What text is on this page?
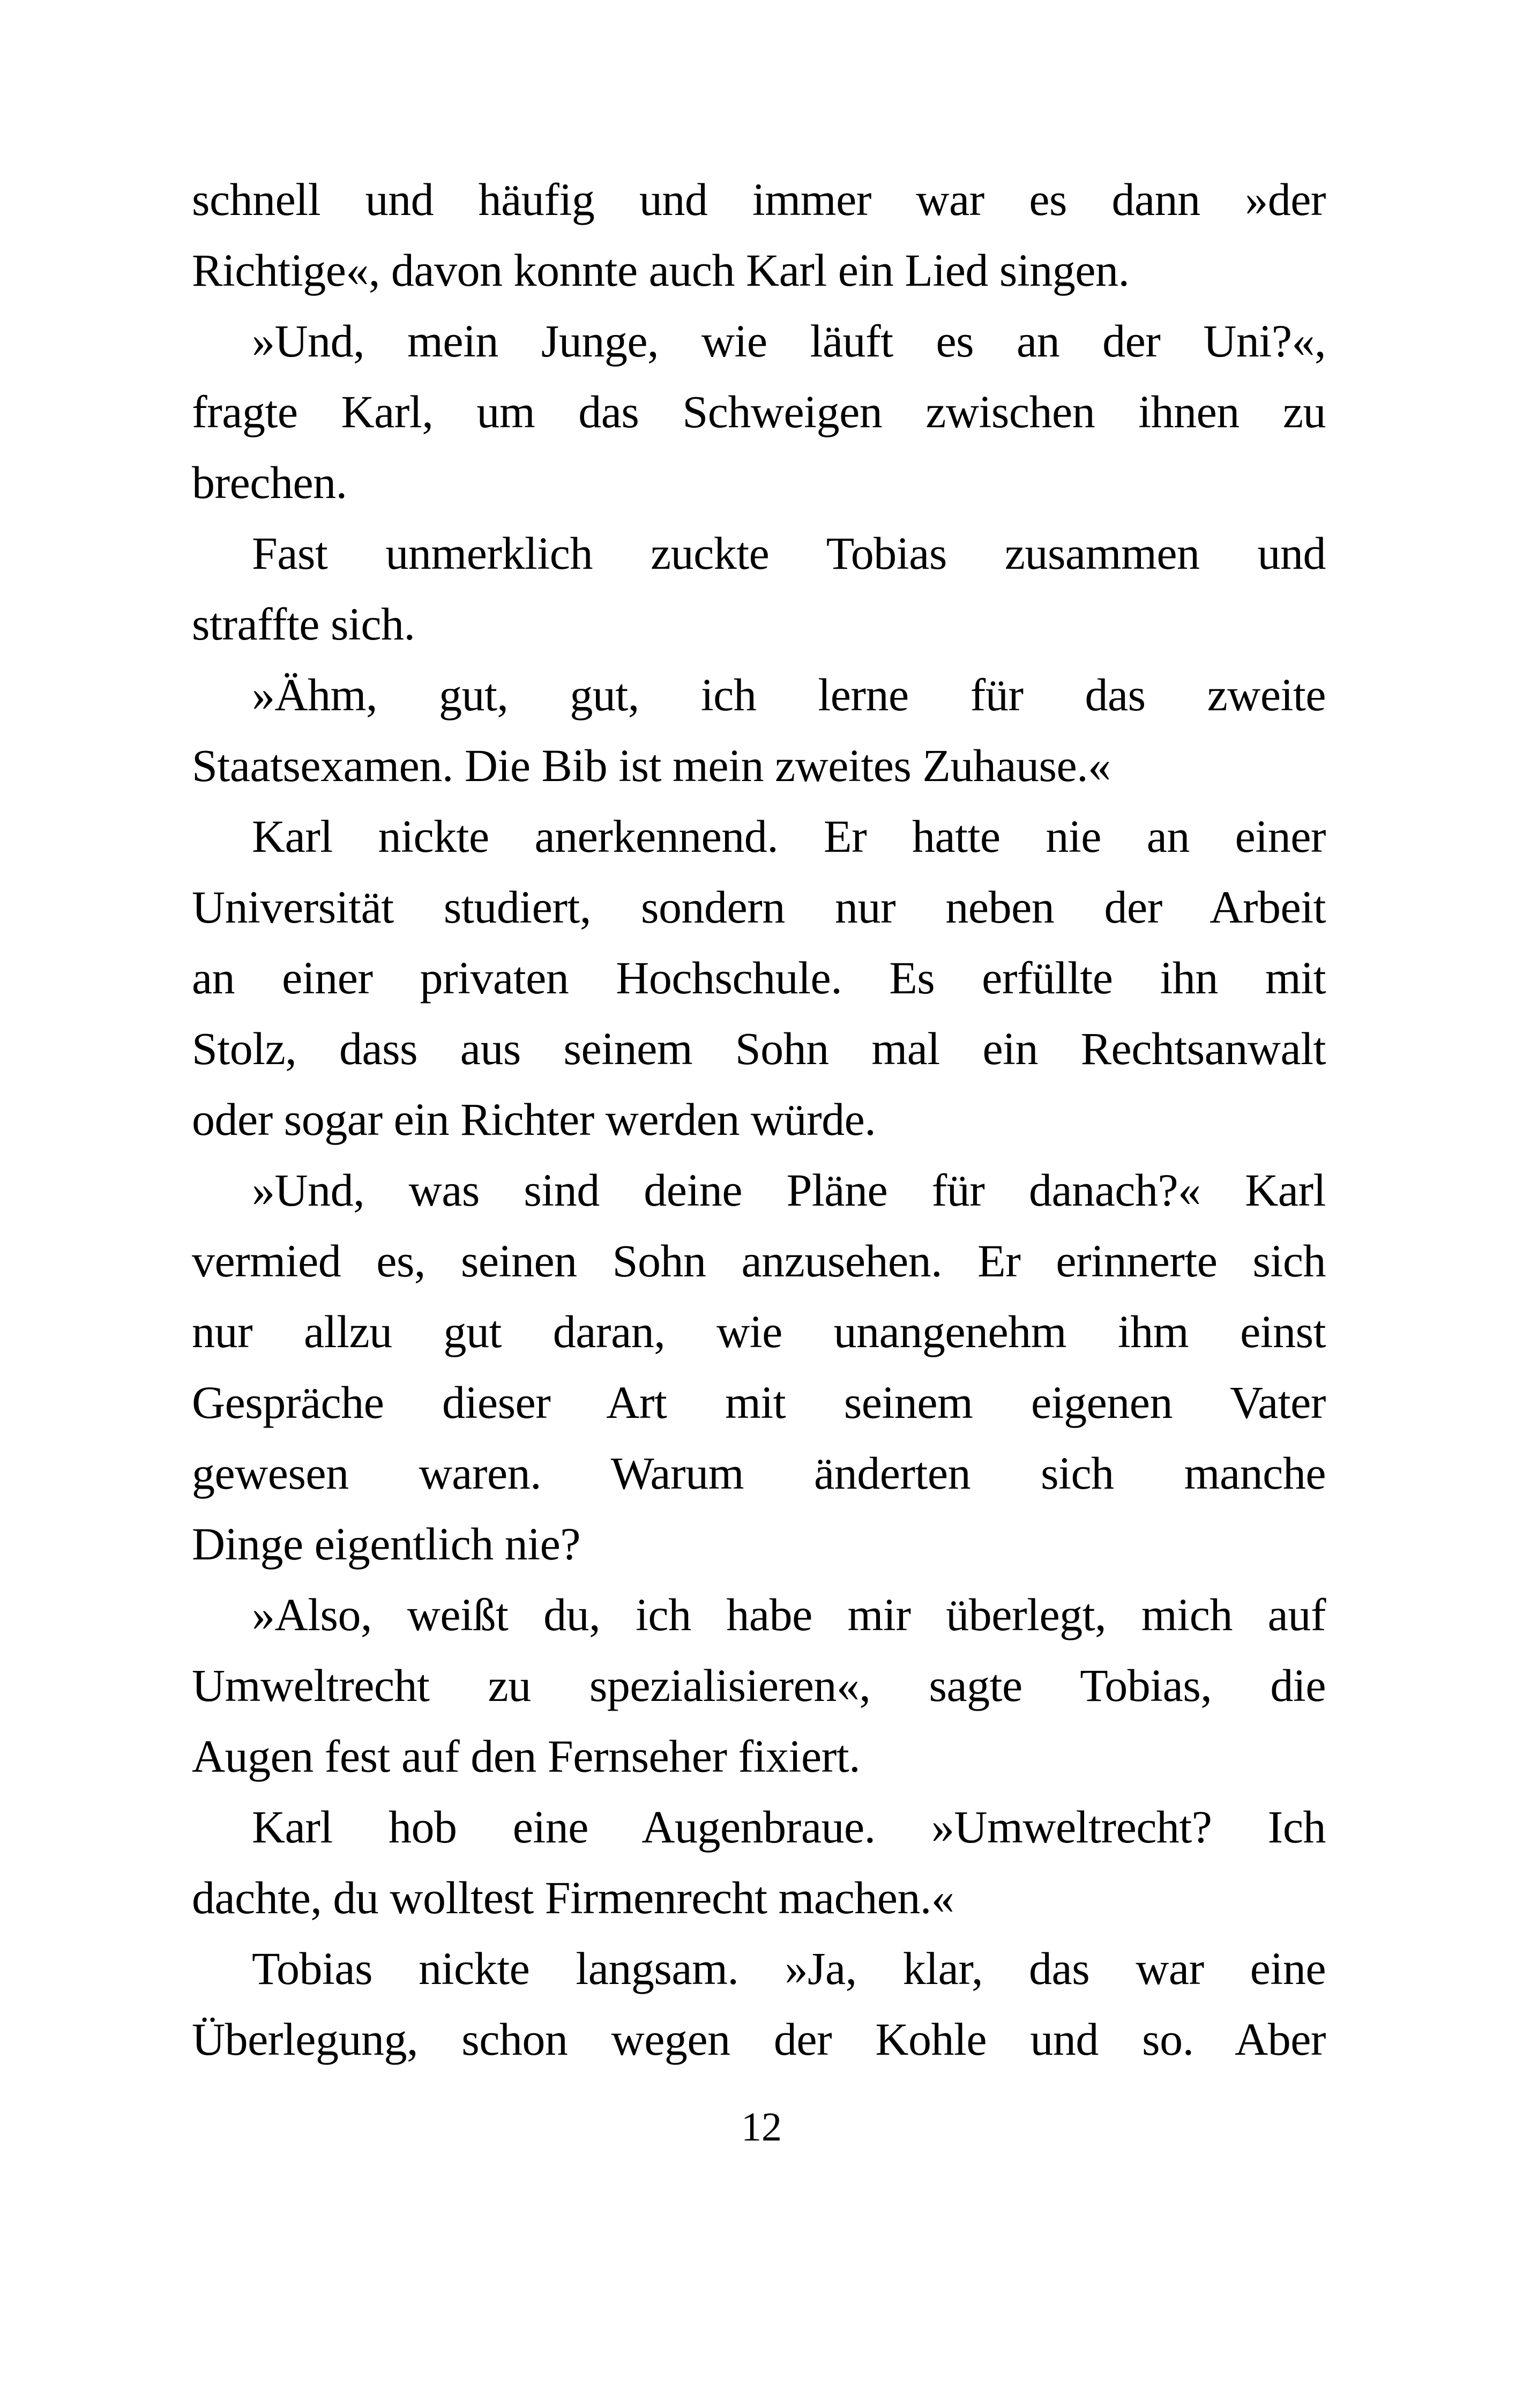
schnell und häufig und immer war es dann »der
Richtige«, davon konnte auch Karl ein Lied singen.
»Und, mein Junge, wie läuft es an der Uni?«,
fragte Karl, um das Schweigen zwischen ihnen zu
brechen.
Fast unmerklich zuckte Tobias zusammen und
straffte sich.
»Ähm, gut, gut, ich lerne für das zweite
Staatsexamen. Die Bib ist mein zweites Zuhause.«
Karl nickte anerkennend. Er hatte nie an einer
Universität studiert, sondern nur neben der Arbeit
an einer privaten Hochschule. Es erfüllte ihn mit
Stolz, dass aus seinem Sohn mal ein Rechtsanwalt
oder sogar ein Richter werden würde.
»Und, was sind deine Pläne für danach?« Karl
vermied es, seinen Sohn anzusehen. Er erinnerte sich
nur allzu gut daran, wie unangenehm ihm einst
Gespräche dieser Art mit seinem eigenen Vater
gewesen waren. Warum änderten sich manche
Dinge eigentlich nie?
»Also, weißt du, ich habe mir überlegt, mich auf
Umweltrecht zu spezialisieren«, sagte Tobias, die
Augen fest auf den Fernseher fixiert.
Karl hob eine Augenbraue. »Umweltrecht? Ich
dachte, du wolltest Firmenrecht machen.«
Tobias nickte langsam. »Ja, klar, das war eine
Überlegung, schon wegen der Kohle und so. Aber
12
